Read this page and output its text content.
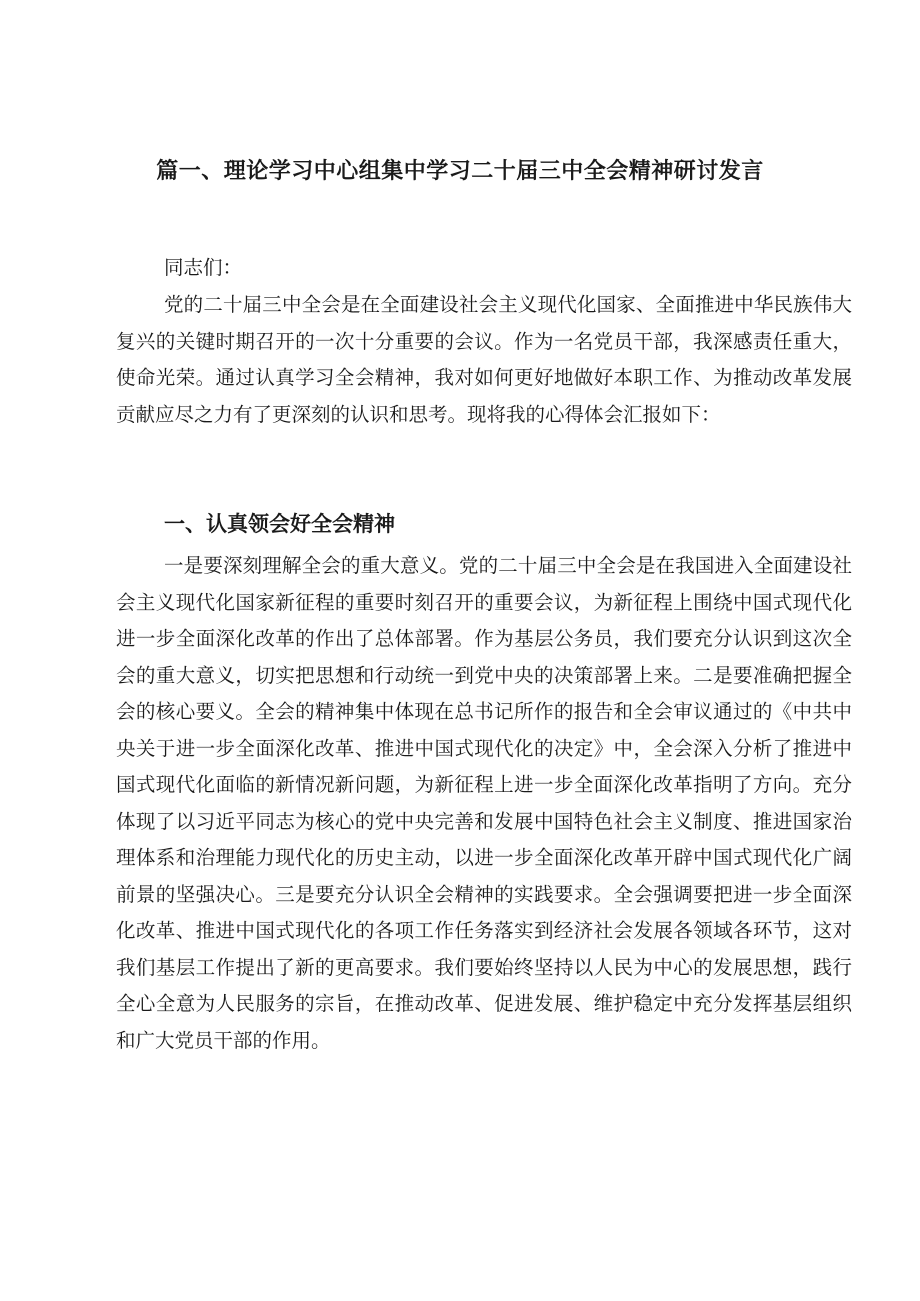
篇一、理论学习中心组集中学习二十届三中全会精神研讨发言

同志们：

党的二十届三中全会是在全面建设社会主义现代化国家、全面推进中华民族伟大复兴的关键时期召开的一次十分重要的会议。作为一名党员干部，我深感责任重大，使命光荣。通过认真学习全会精神，我对如何更好地做好本职工作、为推动改革发展贡献应尽之力有了更深刻的认识和思考。现将我的心得体会汇报如下：

一、认真领会好全会精神

一是要深刻理解全会的重大意义。党的二十届三中全会是在我国进入全面建设社会主义现代化国家新征程的重要时刻召开的重要会议，为新征程上围绕中国式现代化进一步全面深化改革的作出了总体部署。作为基层公务员，我们要充分认识到这次全会的重大意义，切实把思想和行动统一到党中央的决策部署上来。二是要准确把握全会的核心要义。全会的精神集中体现在总书记所作的报告和全会审议通过的《中共中央关于进一步全面深化改革、推进中国式现代化的决定》中，全会深入分析了推进中国式现代化面临的新情况新问题，为新征程上进一步全面深化改革指明了方向。充分体现了以习近平同志为核心的党中央完善和发展中国特色社会主义制度、推进国家治理体系和治理能力现代化的历史主动，以进一步全面深化改革开辟中国式现代化广阔前景的坚强决心。三是要充分认识全会精神的实践要求。全会强调要把进一步全面深化改革、推进中国式现代化的各项工作任务落实到经济社会发展各领域各环节，这对我们基层工作提出了新的更高要求。我们要始终坚持以人民为中心的发展思想，践行全心全意为人民服务的宗旨，在推动改革、促进发展、维护稳定中充分发挥基层组织和广大党员干部的作用。
